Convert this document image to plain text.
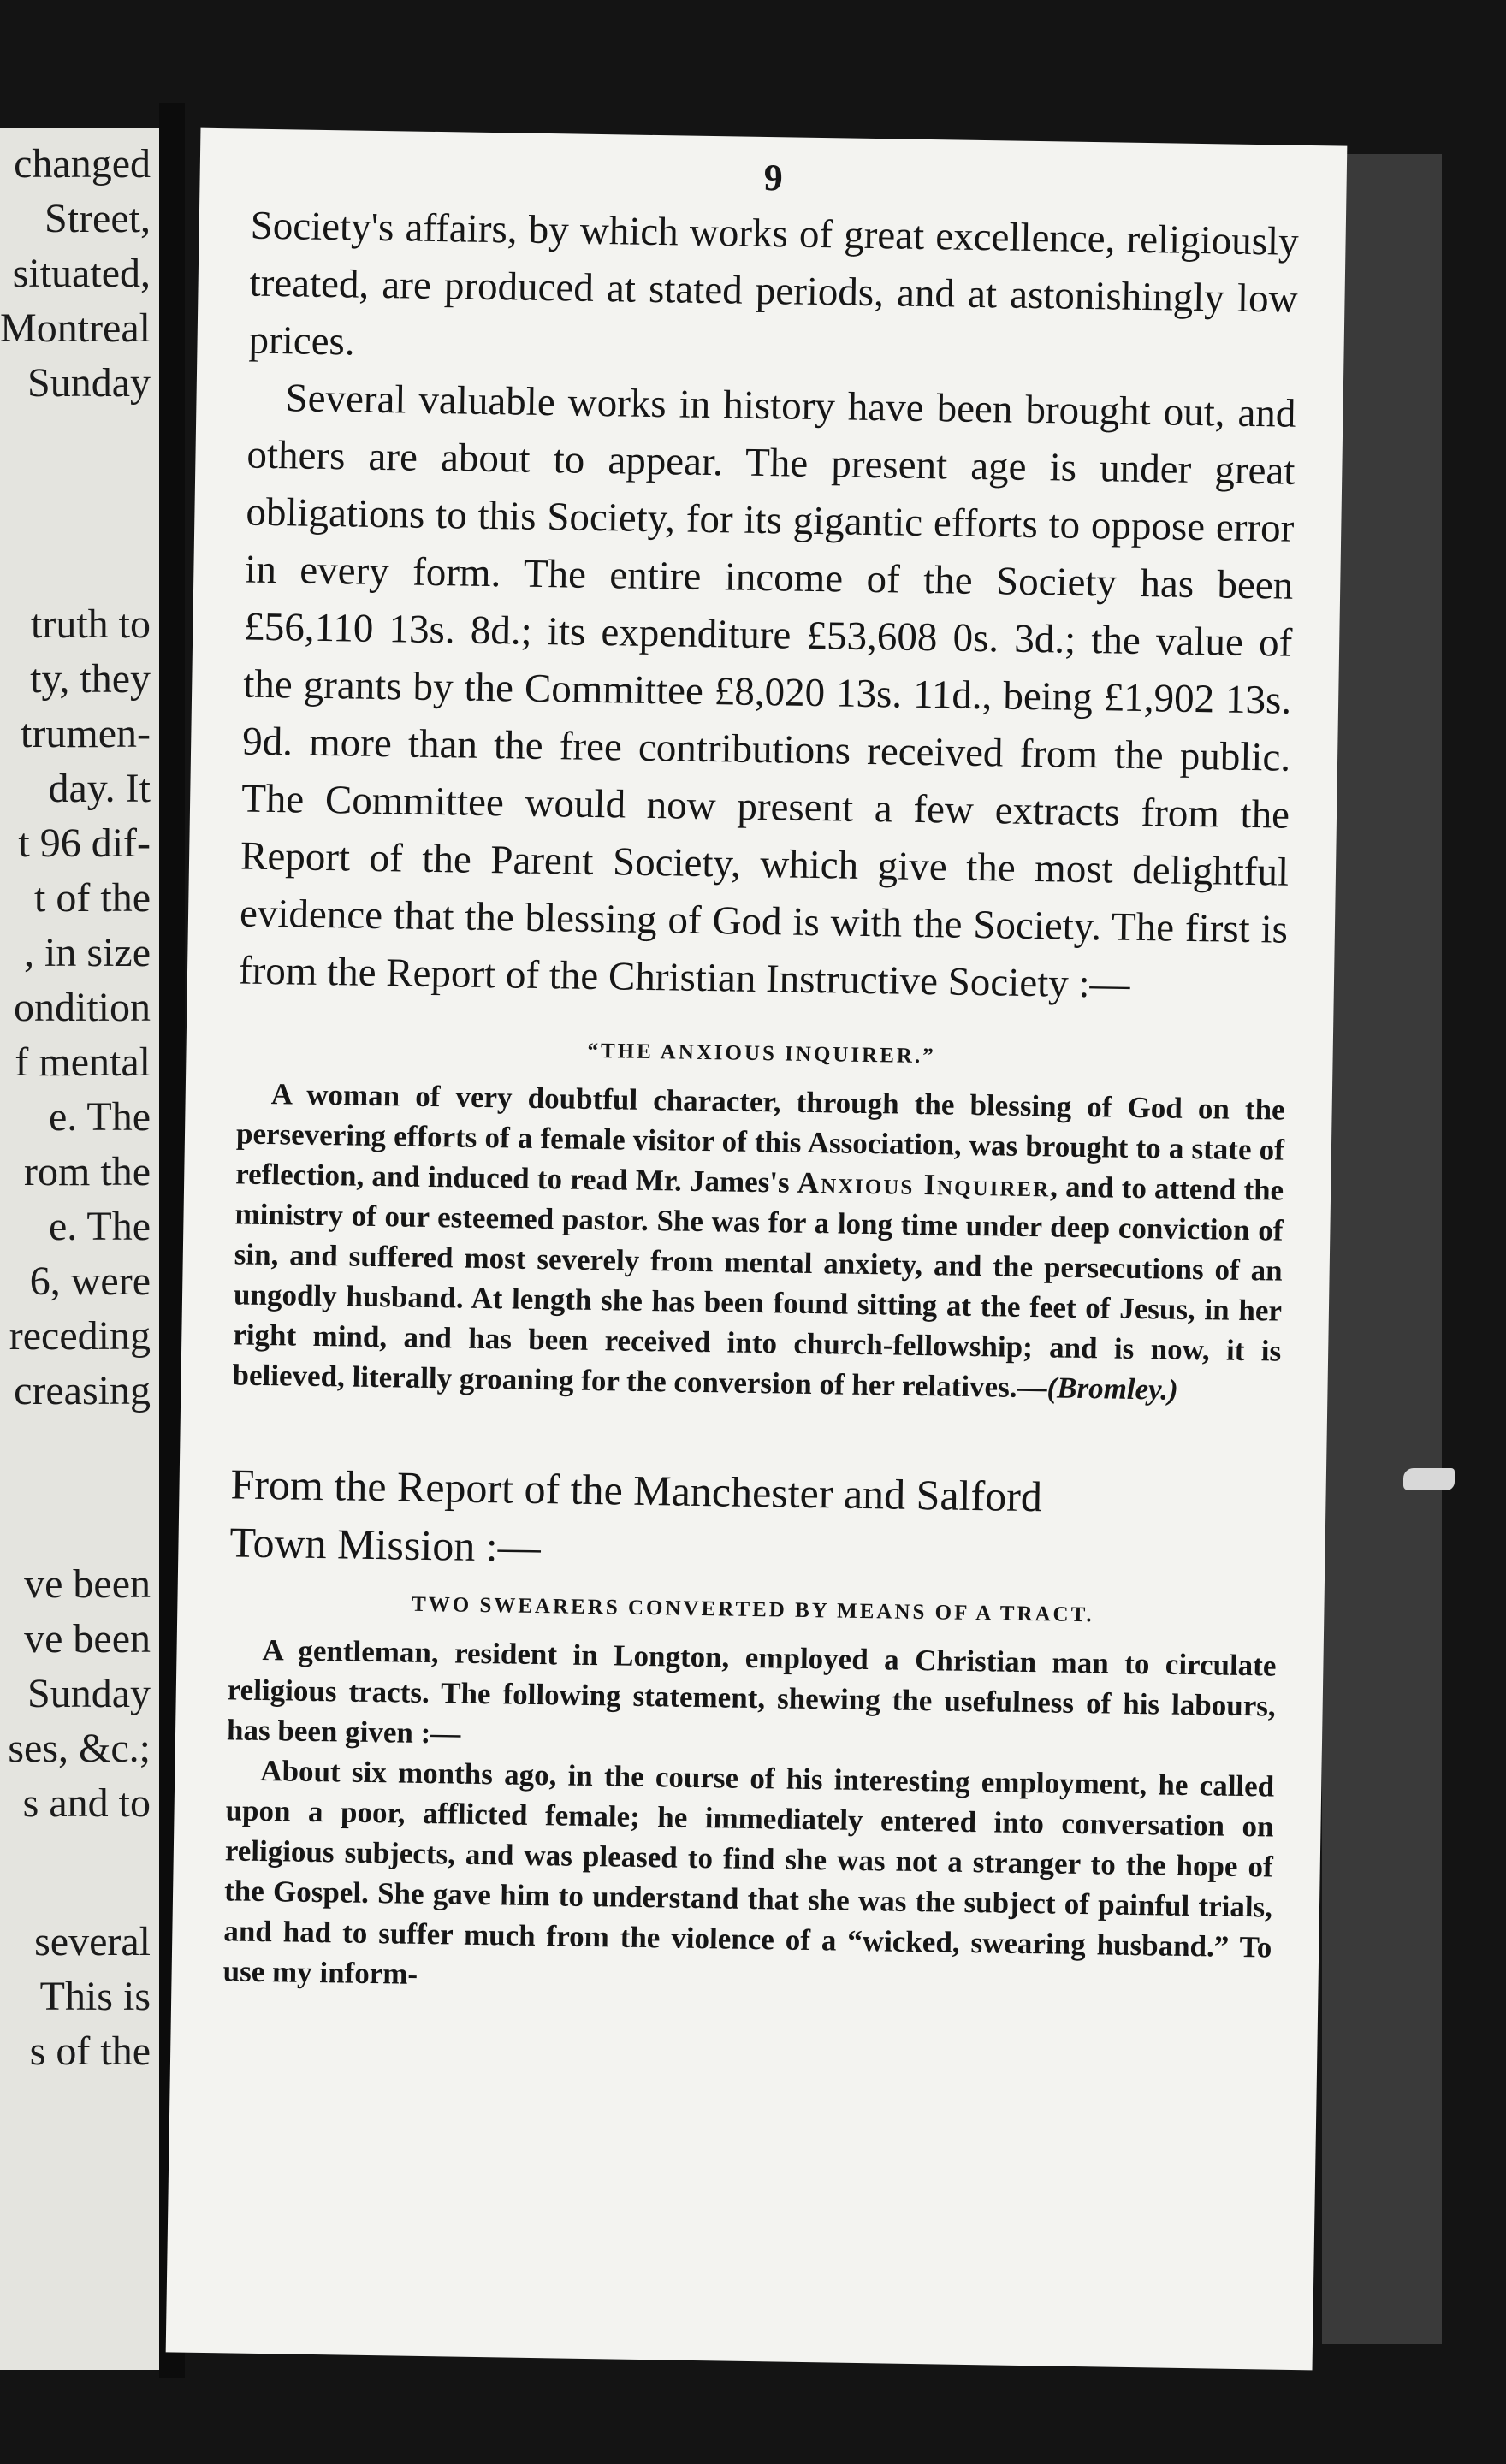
changed
Street,
situated,
Montreal
Sunday
truth to
ty, they
trumen-
day. It
t 96 dif-
t of the
, in size
ondition
f mental
e. The
rom the
e. The
6, were
receding
creasing
ve been
ve been
Sunday
ses, &c.;
s and to
several
This is
s of the
9

Society's affairs, by which works of great excellence, religiously treated, are produced at stated periods, and at astonishingly low prices.

Several valuable works in history have been brought out, and others are about to appear. The present age is under great obligations to this Society, for its gigantic efforts to oppose error in every form. The entire income of the Society has been £56,110 13s. 8d.; its expenditure £53,608 0s. 3d.; the value of the grants by the Committee £8,020 13s. 11d., being £1,902 13s. 9d. more than the free contributions received from the public. The Committee would now present a few extracts from the Report of the Parent Society, which give the most delightful evidence that the blessing of God is with the Society. The first is from the Report of the Christian Instructive Society :—

“THE ANXIOUS INQUIRER.”

A woman of very doubtful character, through the blessing of God on the persevering efforts of a female visitor of this Association, was brought to a state of reflection, and induced to read Mr. James's Anxious Inquirer, and to attend the ministry of our esteemed pastor. She was for a long time under deep conviction of sin, and suffered most severely from mental anxiety, and the persecutions of an ungodly husband. At length she has been found sitting at the feet of Jesus, in her right mind, and has been received into church-fellowship; and is now, it is believed, literally groaning for the conversion of her relatives.—(Bromley.)

From the Report of the Manchester and Salford
Town Mission :—
TWO SWEARERS CONVERTED BY MEANS OF A TRACT.

A gentleman, resident in Longton, employed a Christian man to circulate religious tracts. The following statement, shewing the usefulness of his labours, has been given :—

About six months ago, in the course of his interesting employment, he called upon a poor, afflicted female; he immediately entered into conversation on religious subjects, and was pleased to find she was not a stranger to the hope of the Gospel. She gave him to understand that she was the subject of painful trials, and had to suffer much from the violence of a “wicked, swearing husband.” To use my inform-
